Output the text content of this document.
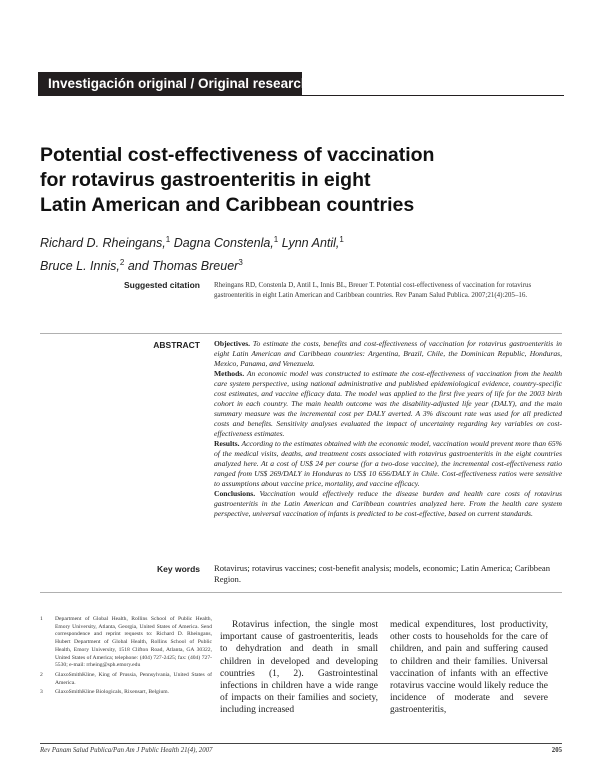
Investigación original / Original research
Potential cost-effectiveness of vaccination
for rotavirus gastroenteritis in eight
Latin American and Caribbean countries
Richard D. Rheingans,$^1$ Dagna Constenla,$^1$ Lynn Antil,$^1$
Bruce L. Innis,$^2$ and Thomas Breuer$^3$
Suggested citation Rheingans RD, Constenla D, Antil L, Innis BL, Breuer T. Potential cost-effectiveness of vaccination for rotavirus gastroenteritis in eight Latin American and Caribbean countries. Rev Panam Salud Publica. 2007;21(4):205–16.
ABSTRACT Objectives. To estimate the costs, benefits and cost-effectiveness of vaccination for rotavirus gastroenteritis in eight Latin American and Caribbean countries: Argentina, Brazil, Chile, the Dominican Republic, Honduras, Mexico, Panama, and Venezuela.

Methods. An economic model was constructed to estimate the cost-effectiveness of vaccination from the health care system perspective, using national administrative and published epidemiological evidence, country-specific cost estimates, and vaccine efficacy data. The model was applied to the first five years of life for the 2003 birth cohort in each country. The main health outcome was the disability-adjusted life year (DALY), and the main summary measure was the incremental cost per DALY averted. A 3% discount rate was used for all predicted costs and benefits. Sensitivity analyses evaluated the impact of uncertainty regarding key variables on cost-effectiveness estimates.

Results. According to the estimates obtained with the economic model, vaccination would prevent more than 65% of the medical visits, deaths, and treatment costs associated with rotavirus gastroenteritis in the eight countries analyzed here. At a cost of US$ 24 per course (for a two-dose vaccine), the incremental cost-effectiveness ratio ranged from US$ 269/DALY in Honduras to US$ 10 656/DALY in Chile. Cost-effectiveness ratios were sensitive to assumptions about vaccine price, mortality, and vaccine efficacy.

Conclusions. Vaccination would effectively reduce the disease burden and health care costs of rotavirus gastroenteritis in the Latin American and Caribbean countries analyzed here. From the health care system perspective, universal vaccination of infants is predicted to be cost-effective, based on current standards.

Key words Rotavirus; rotavirus vaccines; cost-benefit analysis; models, economic; Latin America; Caribbean Region.
1 Department of Global Health, Rollins School of Public Health, Emory University, Atlanta, Georgia, United States of America. Send correspondence and reprint requests to: Richard D. Rheingans, Hubert Department of Global Health, Rollins School of Public Health, Emory University, 1518 Clifton Road, Atlanta, GA 30322, United States of America; telephone: (404) 727-2425; fax: (404) 727-5530; e-mail: rrheing@sph.emory.edu
2 GlaxoSmithKline, King of Prussia, Pennsylvania, United States of America.
3 GlaxoSmithKline Biologicals, Rixensart, Belgium.
Rotavirus infection, the single most important cause of gastroenteritis, leads to dehydration and death in small children in developed and developing countries (1, 2). Gastrointestinal infections in children have a wide range of impacts on their families and society, including increased
medical expenditures, lost productivity, other costs to households for the care of children, and pain and suffering caused to children and their families. Universal vaccination of infants with an effective rotavirus vaccine would likely reduce the incidence of moderate and severe gastroenteritis,
Rev Panam Salud Publica/Pan Am J Public Health 21(4), 2007	205
